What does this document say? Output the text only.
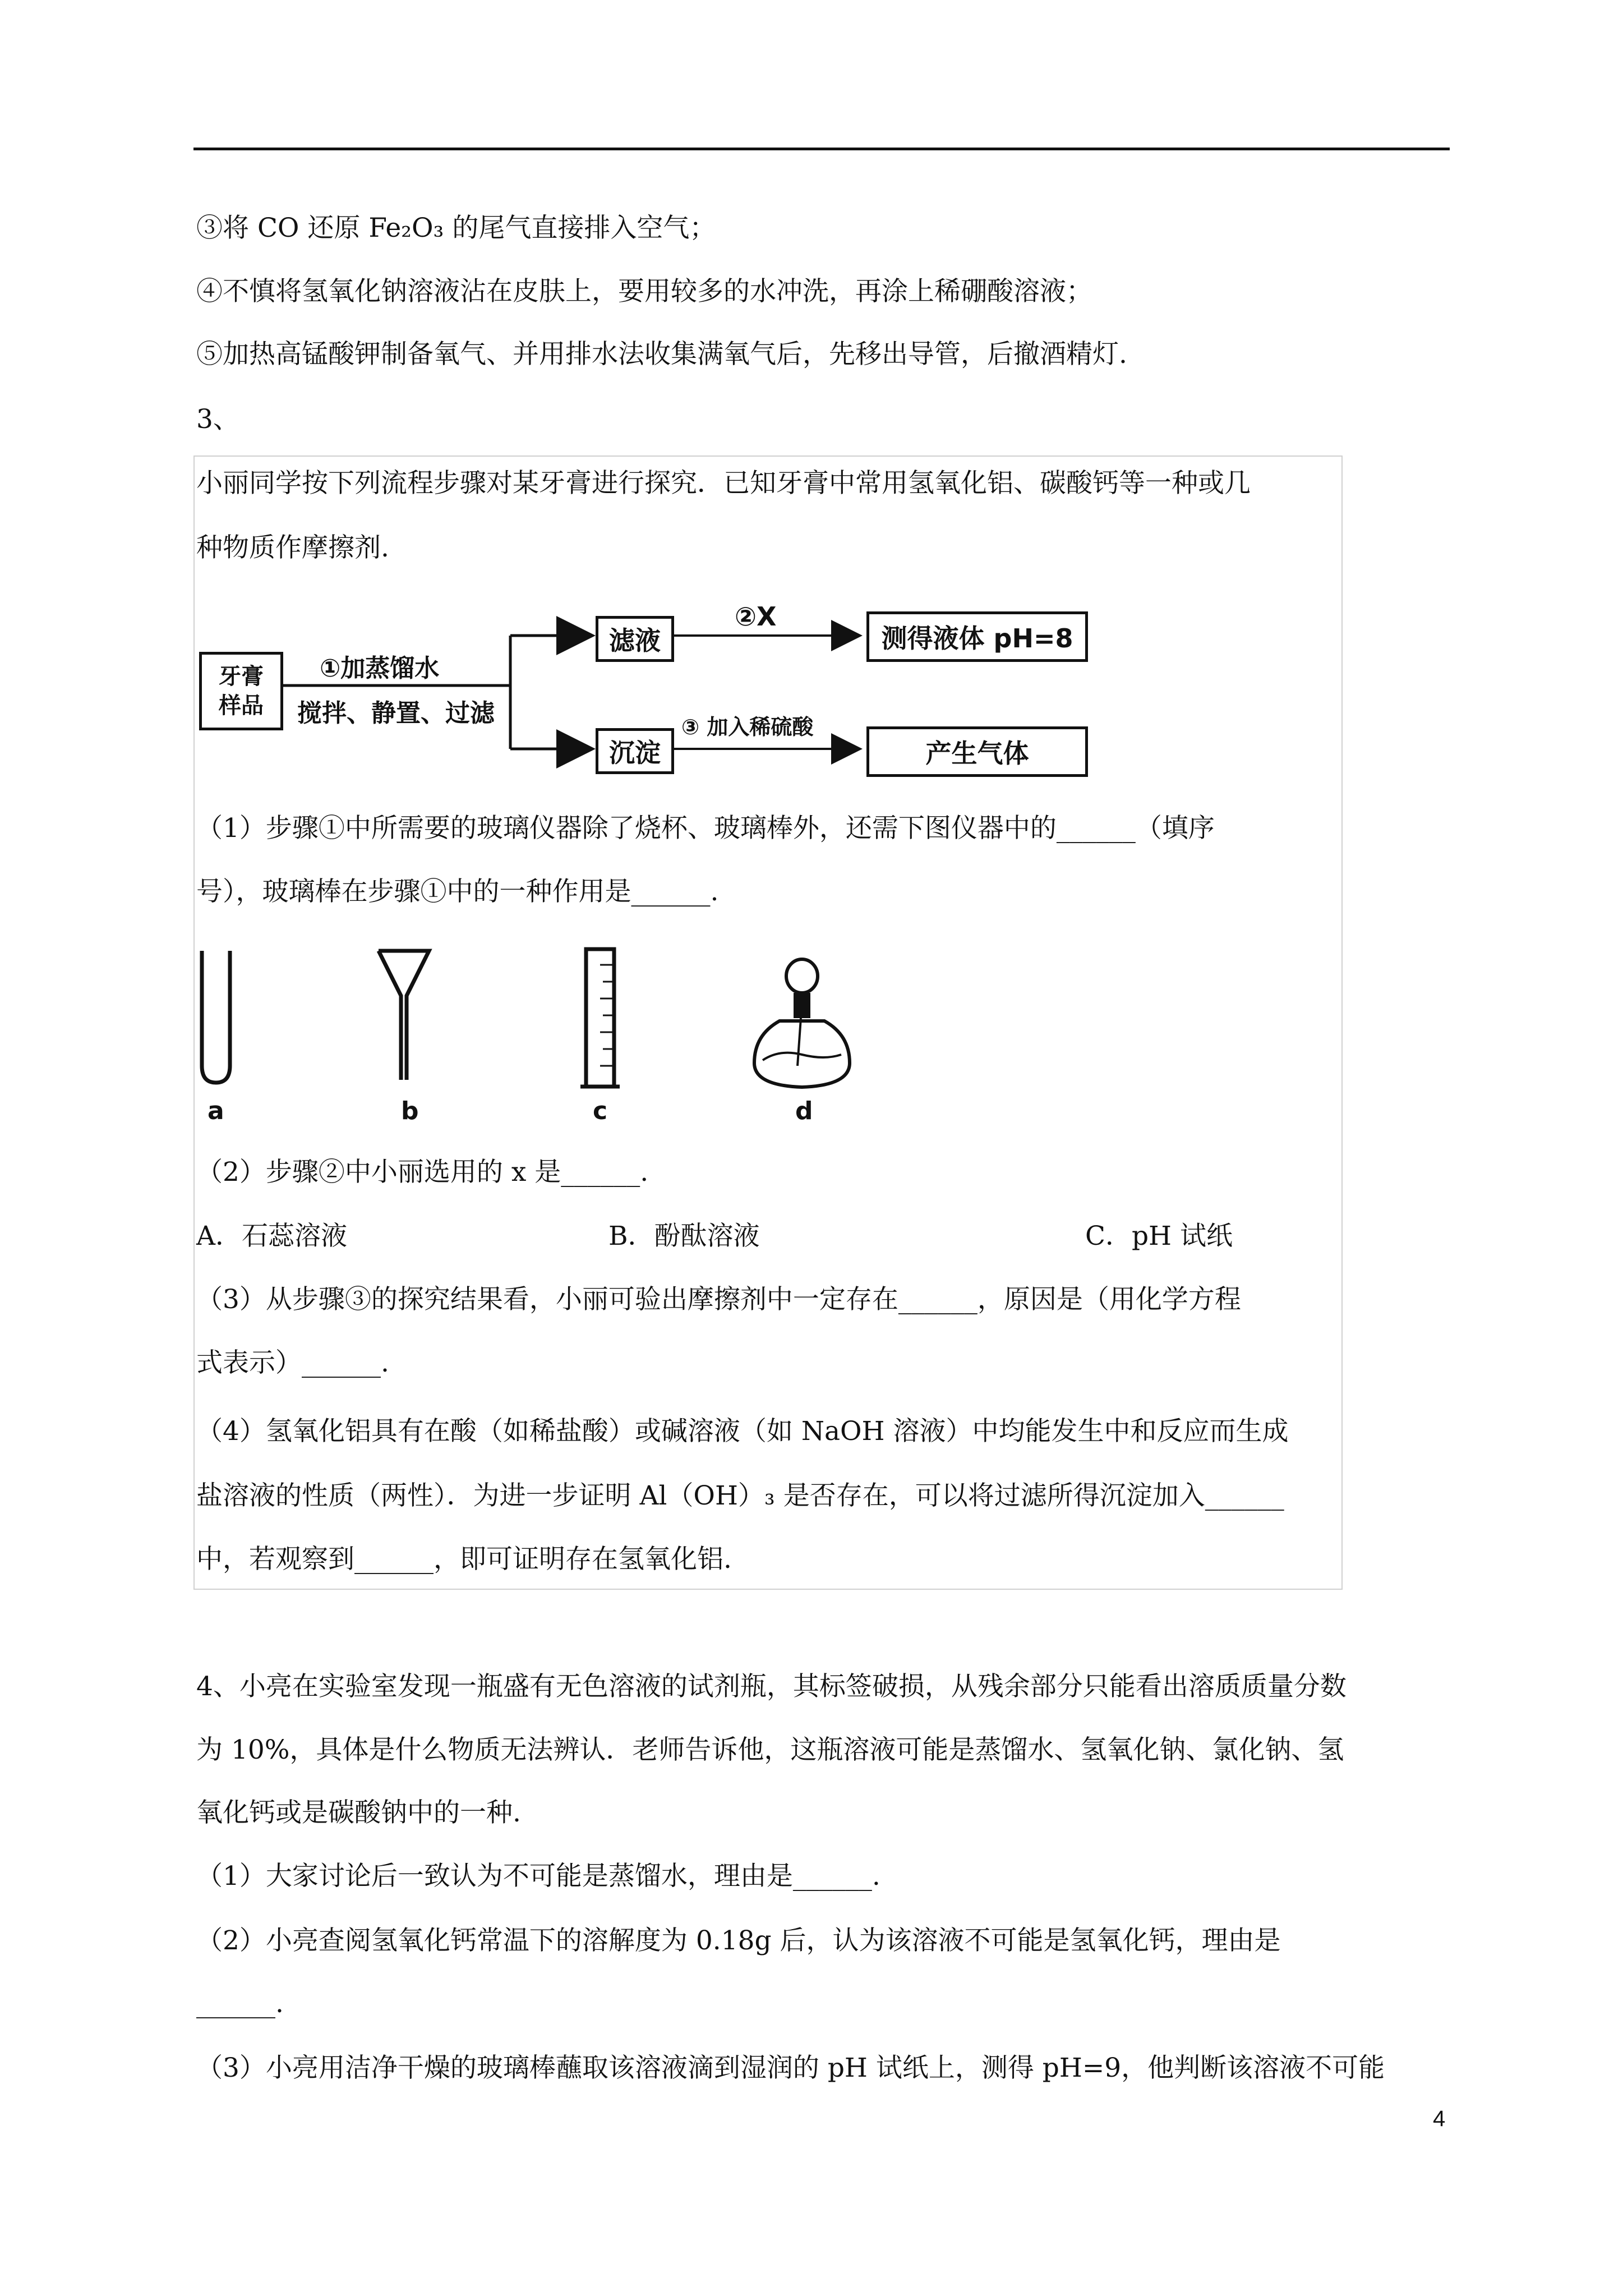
③将 CO 还原 Fe₂O₃ 的尾气直接排入空气；
④不慎将氢氧化钠溶液沾在皮肤上，要用较多的水冲洗，再涂上稀硼酸溶液；
⑤加热高锰酸钾制备氧气、并用排水法收集满氧气后，先移出导管，后撤酒精灯.
3、
小丽同学按下列流程步骤对某牙膏进行探究．已知牙膏中常用氢氧化铝、碳酸钙等一种或几
种物质作摩擦剂.
牙膏样品
①加蒸馏水
搅拌、静置、过滤
滤液
②X
测得液体 pH=8
沉淀
③ 加入稀硫酸
产生气体
（1）步骤①中所需要的玻璃仪器除了烧杯、玻璃棒外，还需下图仪器中的______（填序
号），玻璃棒在步骤①中的一种作用是______.
a	b	c	d
（2）步骤②中小丽选用的 x 是______.
A．石蕊溶液	B．酚酞溶液	C．pH 试纸
（3）从步骤③的探究结果看，小丽可验出摩擦剂中一定存在______，原因是（用化学方程
式表示）______.
（4）氢氧化铝具有在酸（如稀盐酸）或碱溶液（如 NaOH 溶液）中均能发生中和反应而生成
盐溶液的性质（两性）．为进一步证明 Al（OH）₃ 是否存在，可以将过滤所得沉淀加入______
中，若观察到______，即可证明存在氢氧化铝.
4、小亮在实验室发现一瓶盛有无色溶液的试剂瓶，其标签破损，从残余部分只能看出溶质质量分数
为 10%，具体是什么物质无法辨认．老师告诉他，这瓶溶液可能是蒸馏水、氢氧化钠、氯化钠、氢
氧化钙或是碳酸钠中的一种.
（1）大家讨论后一致认为不可能是蒸馏水，理由是______.
（2）小亮查阅氢氧化钙常温下的溶解度为 0.18g 后，认为该溶液不可能是氢氧化钙，理由是
______.
（3）小亮用洁净干燥的玻璃棒蘸取该溶液滴到湿润的 pH 试纸上，测得 pH=9，他判断该溶液不可能
4
